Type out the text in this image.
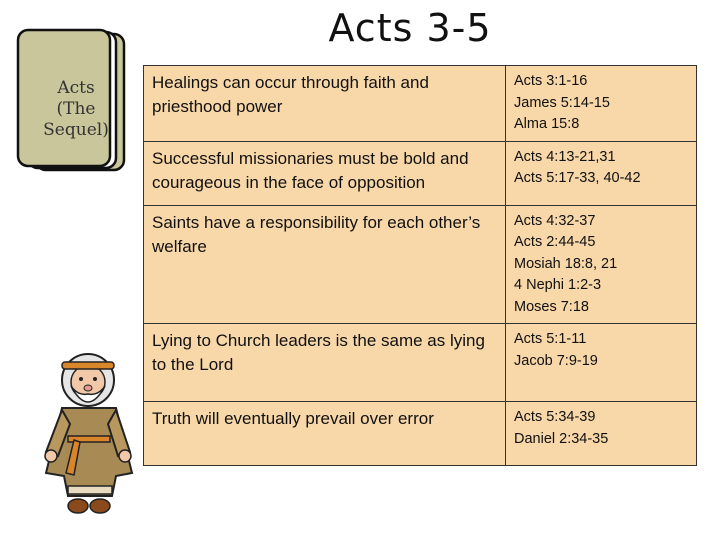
Acts 3-5
Acts
(The
Sequel)
Healings can occur through faith and priesthood power	Acts 3:1-16
James 5:14-15
Alma 15:8

Successful missionaries must be bold and courageous in the face of opposition	Acts 4:13-21,31
Acts 5:17-33, 40-42

Saints have a responsibility for each other’s welfare	Acts 4:32-37
Acts 2:44-45
Mosiah 18:8, 21
4 Nephi 1:2-3
Moses 7:18

Lying to Church leaders is the same as lying to the Lord	Acts 5:1-11
Jacob 7:9-19

Truth will eventually prevail over error	Acts 5:34-39
Daniel 2:34-35
